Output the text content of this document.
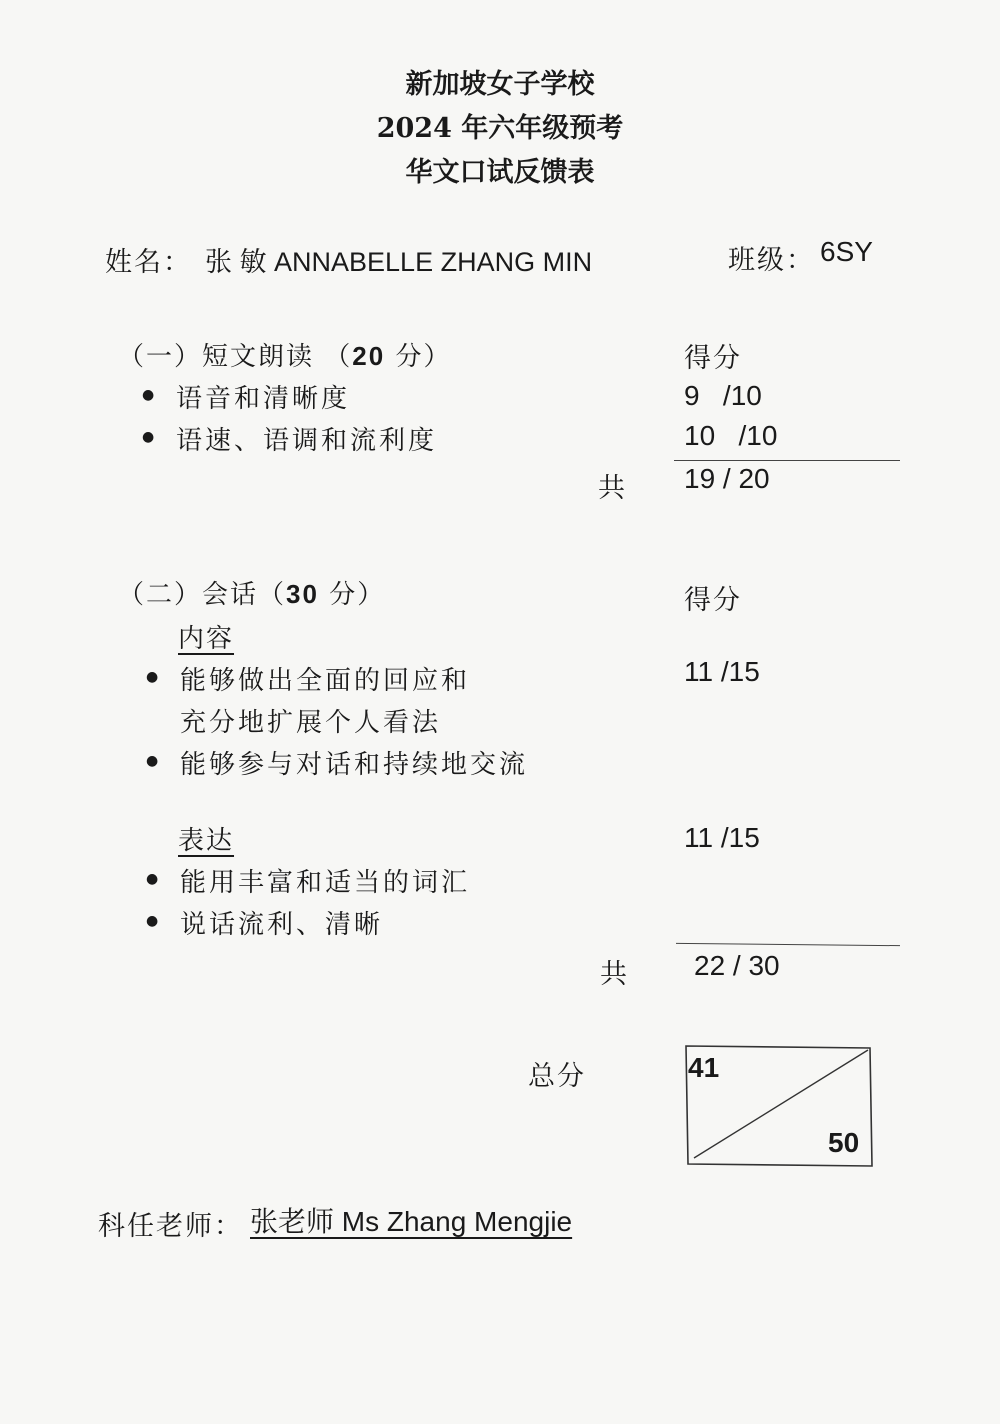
新加坡女子学校
2024 年六年级预考
华文口试反馈表
姓名： 张 敏 ANNABELLE ZHANG MIN	班级： 6SY
（一）短文朗读 （20 分）	得分
● 语音和清晰度	9   /10
● 语速、语调和流利度	10   /10
共 19 / 20
（二）会话（30 分）	得分
内容
● 能够做出全面的回应和	11 /15
充分地扩展个人看法
● 能够参与对话和持续地交流
表达	11 /15
● 能用丰富和适当的词汇
● 说话流利、清晰
共 22 / 30
总分	41
50
科任老师： 张老师 Ms Zhang Mengjie
